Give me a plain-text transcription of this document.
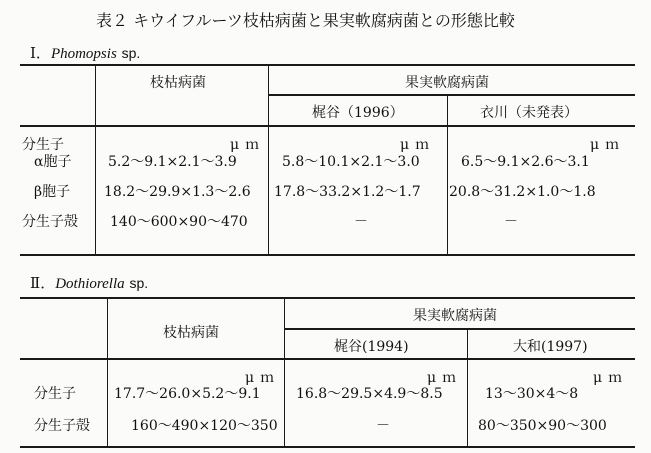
表２ キウイフルーツ枝枯病菌と果実軟腐病菌との形態比較
Ⅰ．Phomopsis sp.
枝枯病菌	果実軟腐病菌
梶谷（1996）	衣川（未発表）
μｍ	μｍ	μｍ
分生子
α胞子	5.2～9.1×2.1～3.9	5.8～10.1×2.1～3.0	6.5～9.1×2.6～3.1
β胞子 18.2～29.9×1.3～2.6 17.8～33.2×1.2～1.7 20.8～31.2×1.0～1.8
分生子殻 140～600×90～470	－	－
Ⅱ．Dothiorella sp.
枝枯病菌
果実軟腐病菌
梶谷(1994)	大和(1997)
μｍ	μｍ	μｍ
分生子	17.7～26.0×5.2～9.1	16.8～29.5×4.9～8.5	13～30×4～8
分生子殻	160～490×120～350	－	80～350×90～300
